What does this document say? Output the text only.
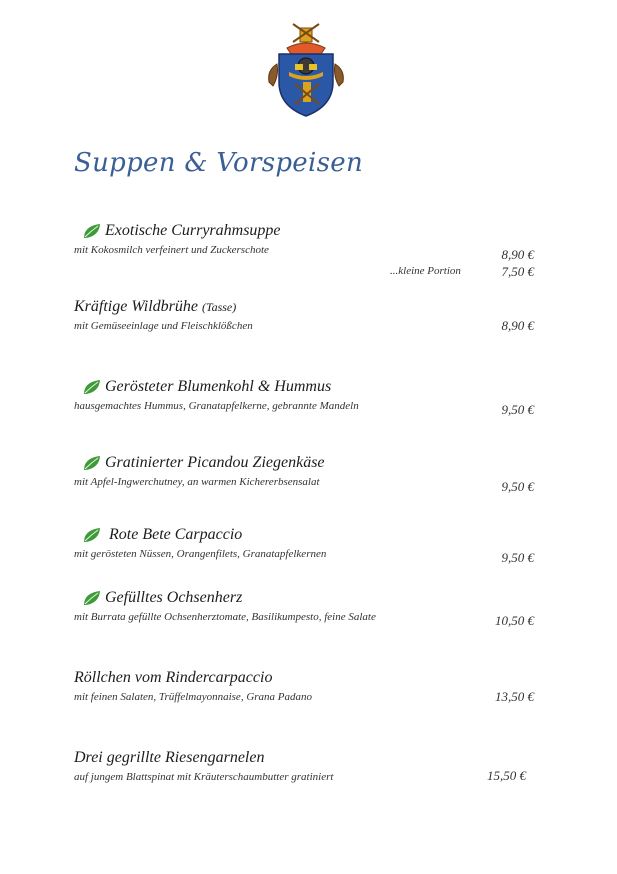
Suppen & Vorspeisen
Exotische Curryrahmsuppe
mit Kokosmilch verfeinert und Zuckerschote	8,90 €
...kleine Portion	7,50 €
Kräftige Wildbrühe (Tasse)
mit Gemüseeinlage und Fleischklößchen	8,90 €
Gerösteter Blumenkohl & Hummus
hausgemachtes Hummus, Granatapfelkerne, gebrannte Mandeln	9,50 €
Gratinierter Picandou Ziegenkäse
mit Apfel-Ingwerchutney, an warmen Kichererbsensalat	9,50 €
Rote Bete Carpaccio
mit gerösteten Nüssen, Orangenfilets, Granatapfelkernen	9,50 €
Gefülltes Ochsenherz
mit Burrata gefüllte Ochsenherztomate, Basilikumpesto, feine Salate	10,50 €
Röllchen vom Rindercarpaccio
mit feinen Salaten, Trüffelmayonnaise, Grana Padano	13,50 €
Drei gegrillte Riesengarnelen
auf jungem Blattspinat mit Kräuterschaumbutter gratiniert	15,50 €
